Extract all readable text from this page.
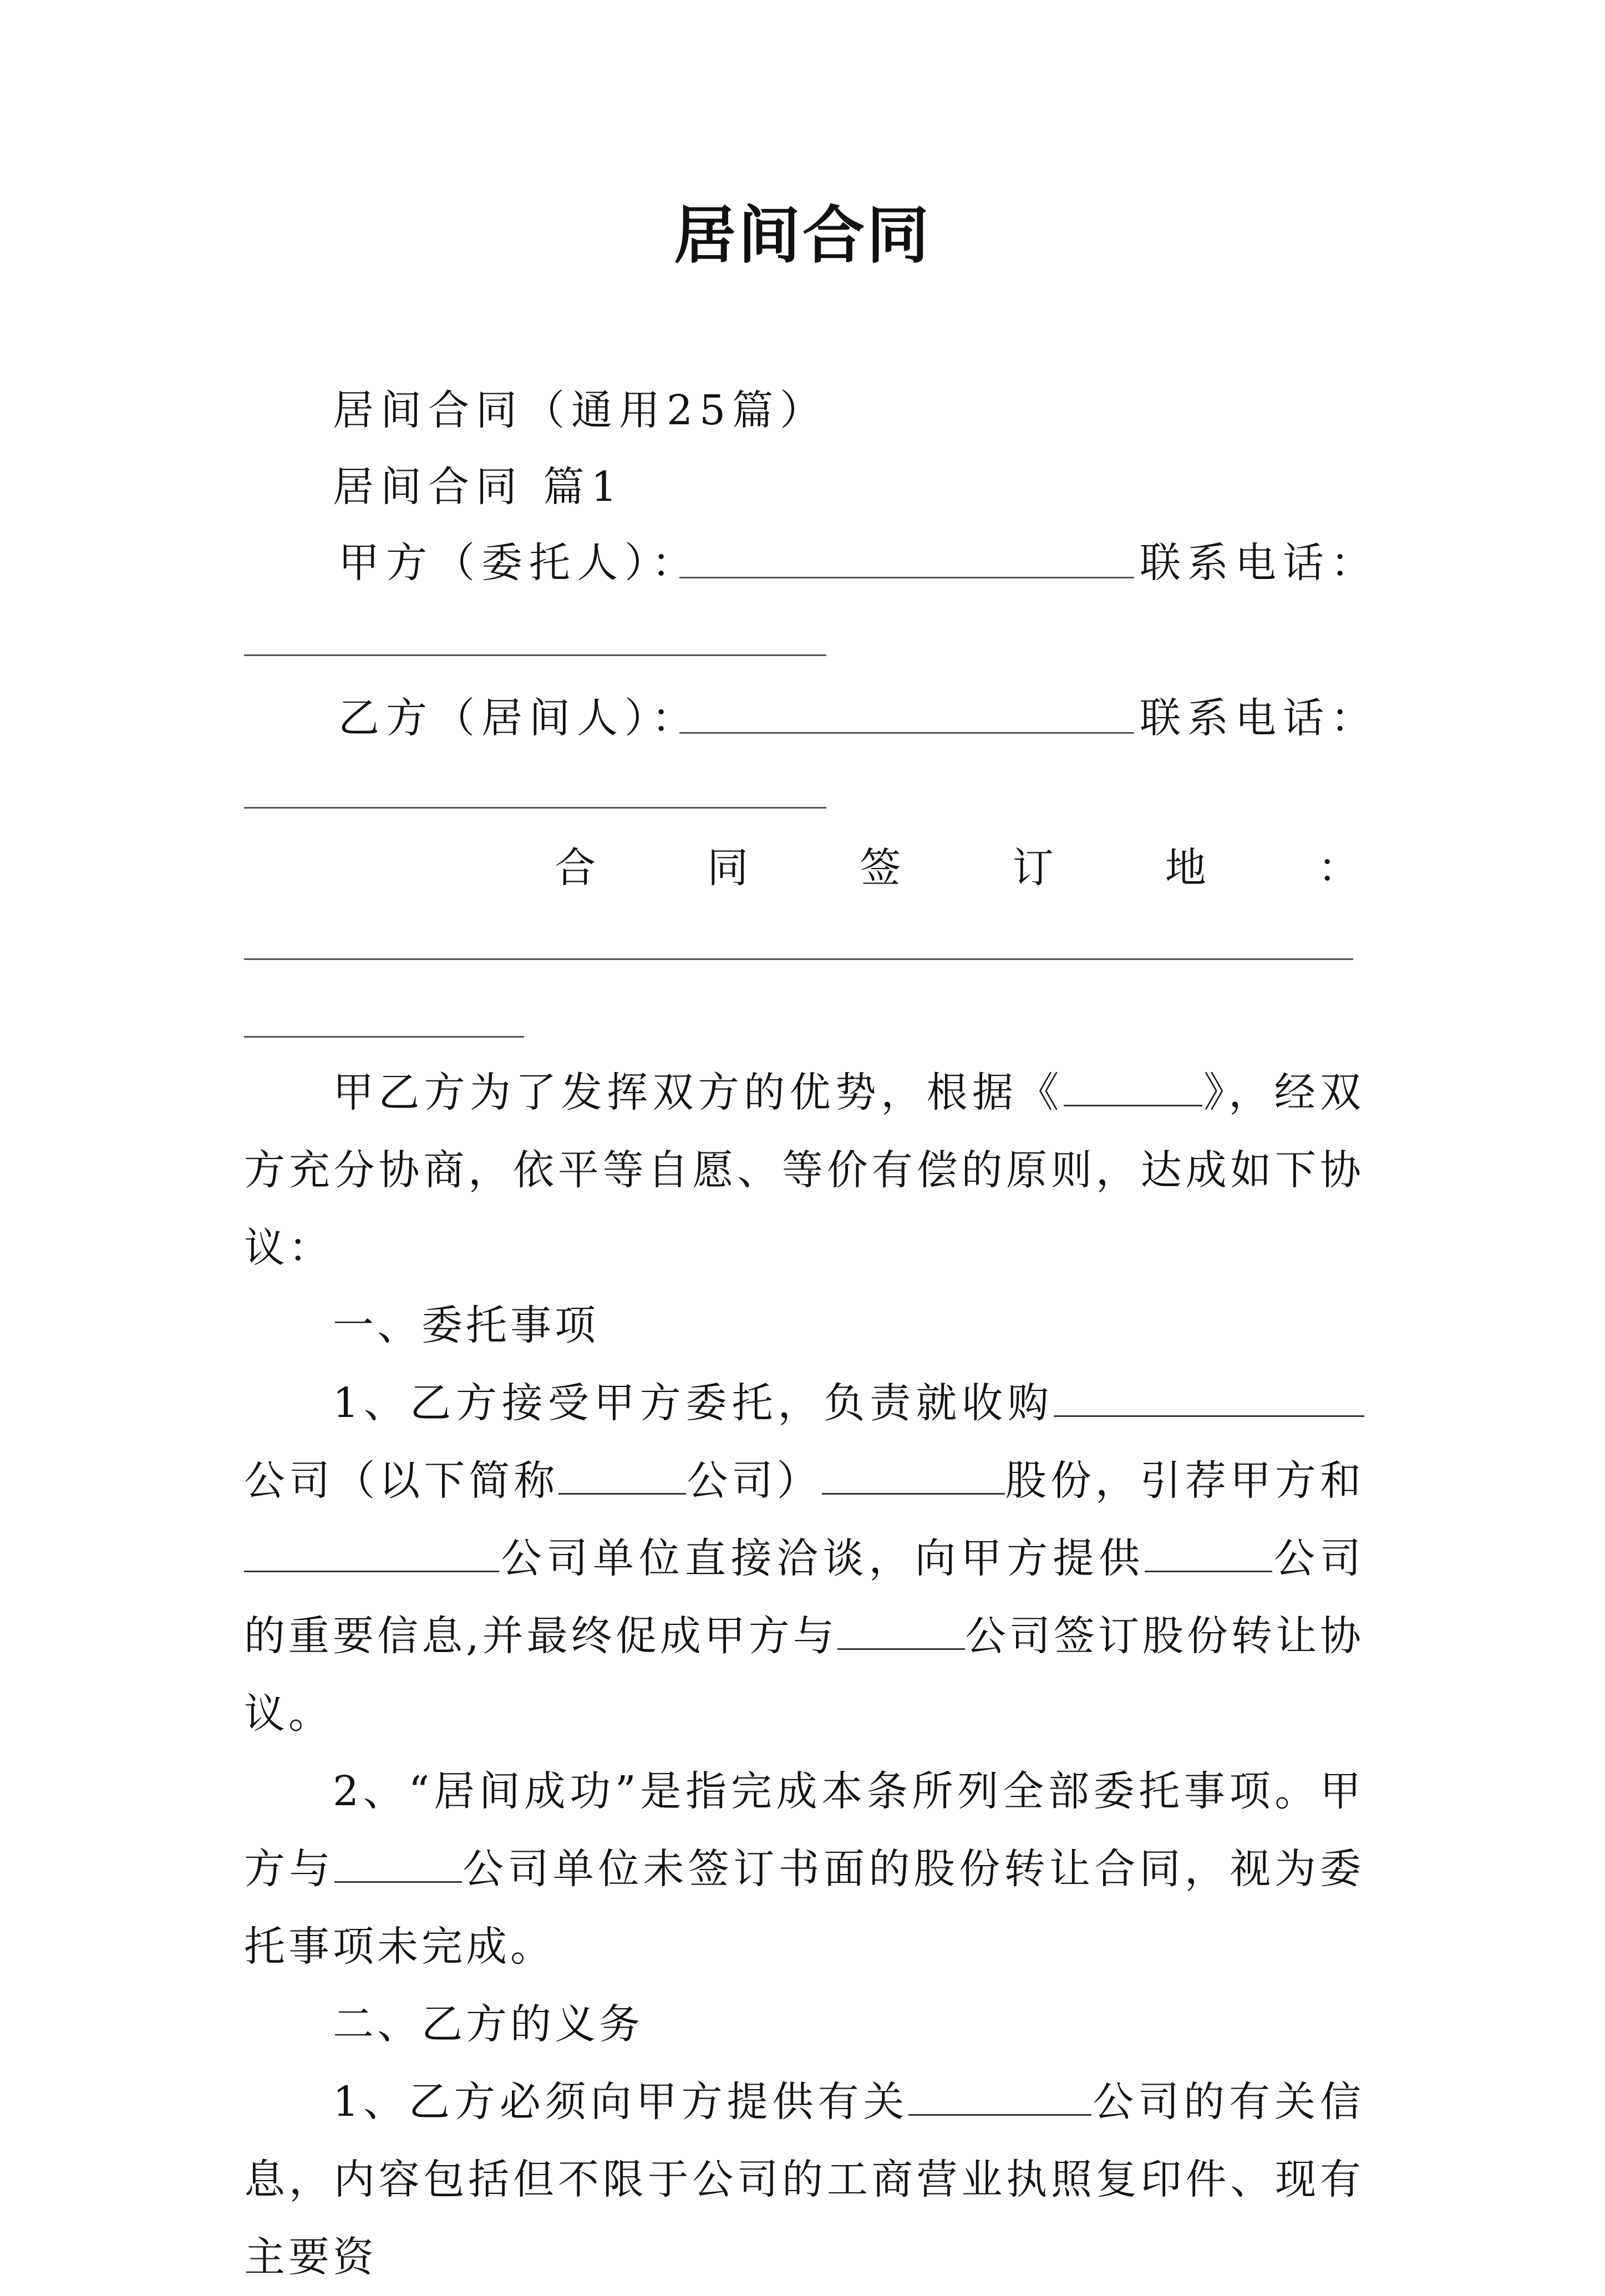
居间合同
居间合同（通用25篇）
居间合同 篇1
甲方（委托人）：	联系电话：
乙方（居间人）：	联系电话：
合	同	签	订	地	：
甲乙方为了发挥双方的优势，根据《	》，经双方充分协商，依平等自愿、等价有偿的原则，达成如下协议：
一、委托事项
1、乙方接受甲方委托，负责就收购公司（以下简称	公司）	股份，引荐甲方和公司单位直接洽谈，向甲方提供	公司的重要信息,并最终促成甲方与	公司签订股份转让协议。
2、“居间成功”是指完成本条所列全部委托事项。甲方与	公司单位未签订书面的股份转让合同，视为委托事项未完成。
二、乙方的义务
1、乙方必须向甲方提供有关	公司的有关信息，内容包括但不限于公司的工商营业执照复印件、现有主要资
